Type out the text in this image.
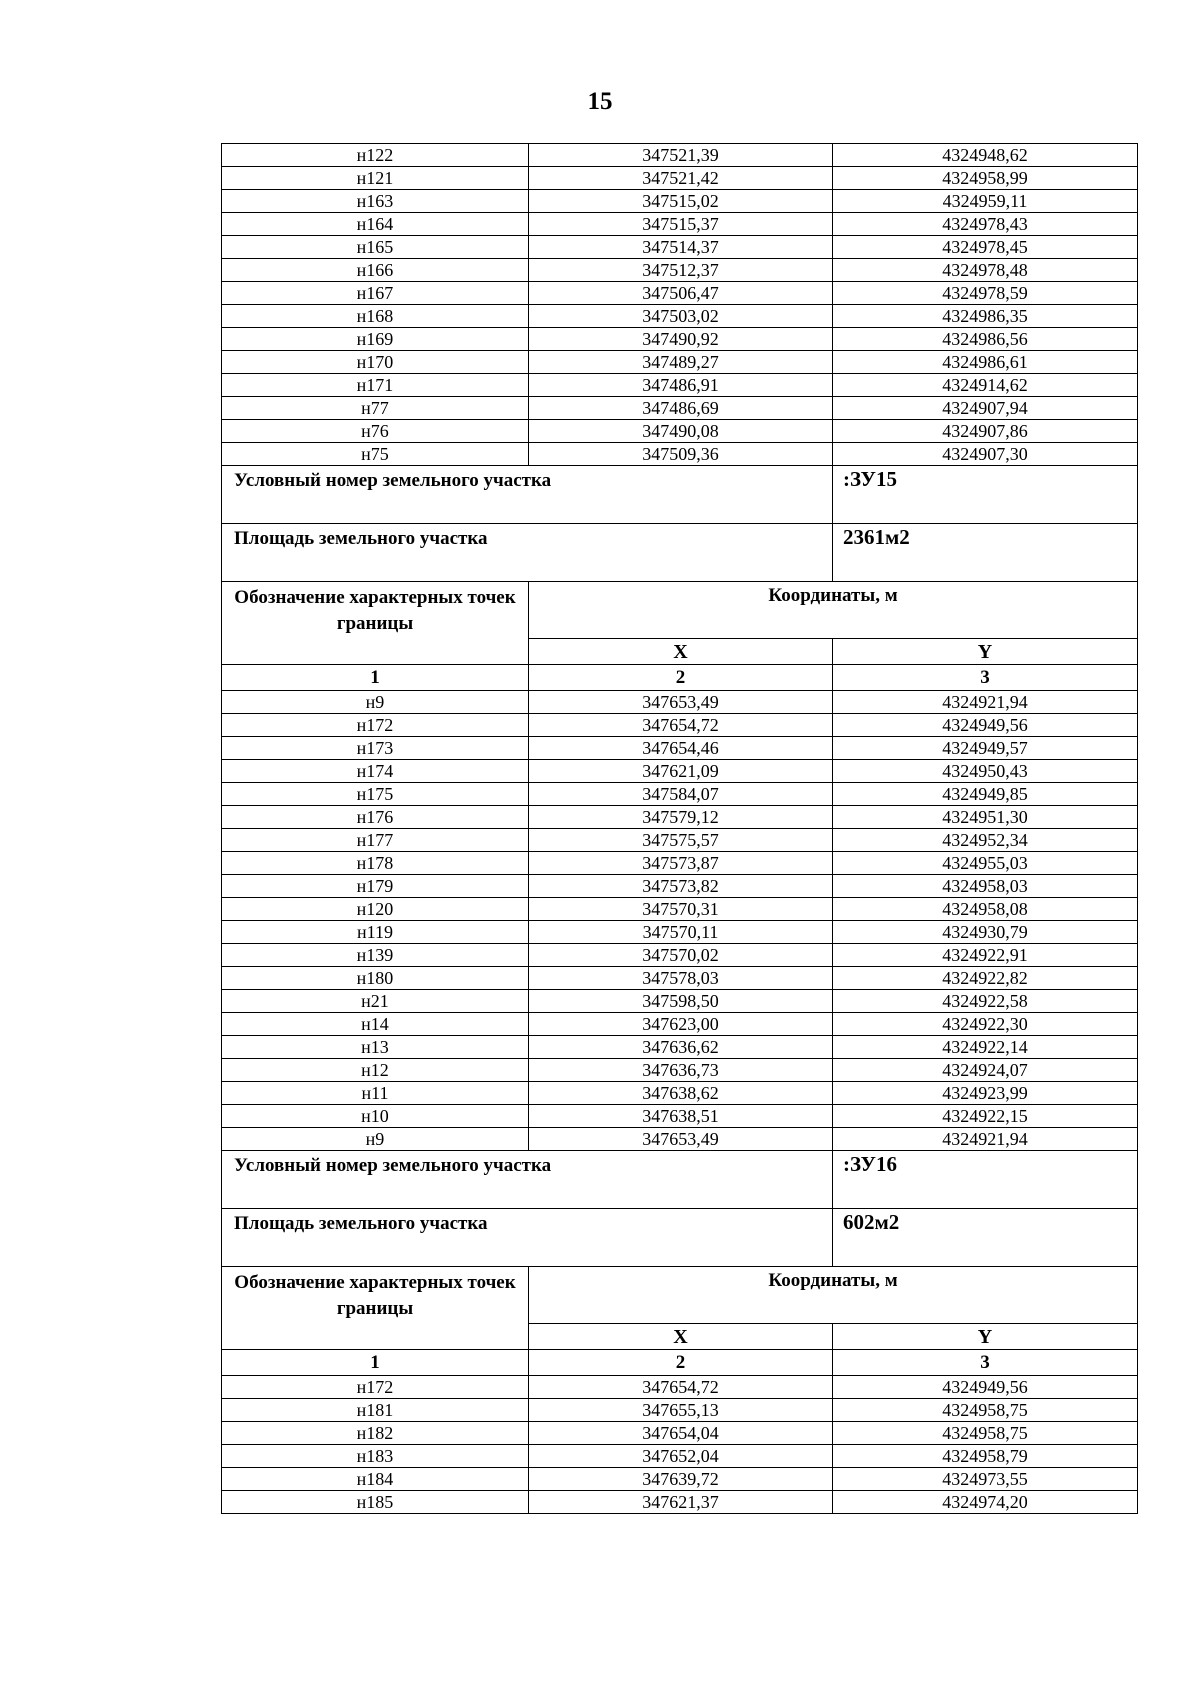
15
н122	347521,39	4324948,62
н121	347521,42	4324958,99
н163	347515,02	4324959,11
н164	347515,37	4324978,43
н165	347514,37	4324978,45
н166	347512,37	4324978,48
н167	347506,47	4324978,59
н168	347503,02	4324986,35
н169	347490,92	4324986,56
н170	347489,27	4324986,61
н171	347486,91	4324914,62
н77	347486,69	4324907,94
н76	347490,08	4324907,86
н75	347509,36	4324907,30
Условный номер земельного участка		:ЗУ15
Площадь земельного участка		2361м2
Обозначение характерных точек границы	Координаты, м	
	X	Y
1	2	3
н9	347653,49	4324921,94
н172	347654,72	4324949,56
н173	347654,46	4324949,57
н174	347621,09	4324950,43
н175	347584,07	4324949,85
н176	347579,12	4324951,30
н177	347575,57	4324952,34
н178	347573,87	4324955,03
н179	347573,82	4324958,03
н120	347570,31	4324958,08
н119	347570,11	4324930,79
н139	347570,02	4324922,91
н180	347578,03	4324922,82
н21	347598,50	4324922,58
н14	347623,00	4324922,30
н13	347636,62	4324922,14
н12	347636,73	4324924,07
н11	347638,62	4324923,99
н10	347638,51	4324922,15
н9	347653,49	4324921,94
Условный номер земельного участка		:ЗУ16
Площадь земельного участка		602м2
Обозначение характерных точек границы	Координаты, м	
	X	Y
1	2	3
н172	347654,72	4324949,56
н181	347655,13	4324958,75
н182	347654,04	4324958,75
н183	347652,04	4324958,79
н184	347639,72	4324973,55
н185	347621,37	4324974,20
